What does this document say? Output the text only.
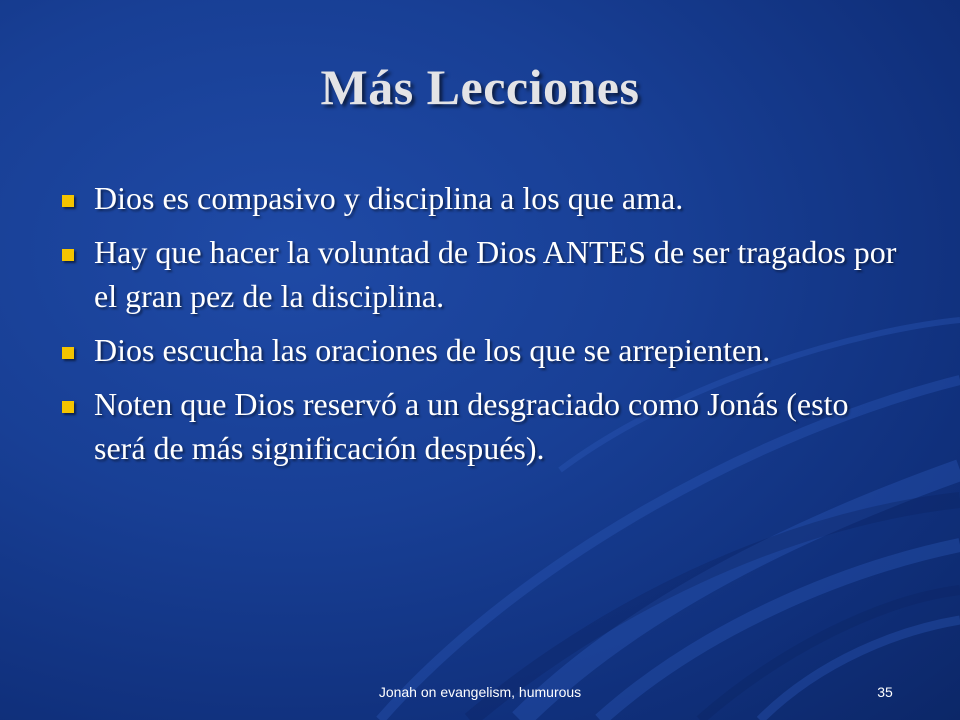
Más Lecciones
Dios es compasivo y disciplina a los que ama.
Hay que hacer la voluntad de Dios ANTES de ser tragados por el gran pez de la disciplina.
Dios escucha las oraciones de los que se arrepienten.
Noten que Dios reservó a un desgraciado como Jonás (esto será de más significación después).
Jonah on evangelism, humurous	35
